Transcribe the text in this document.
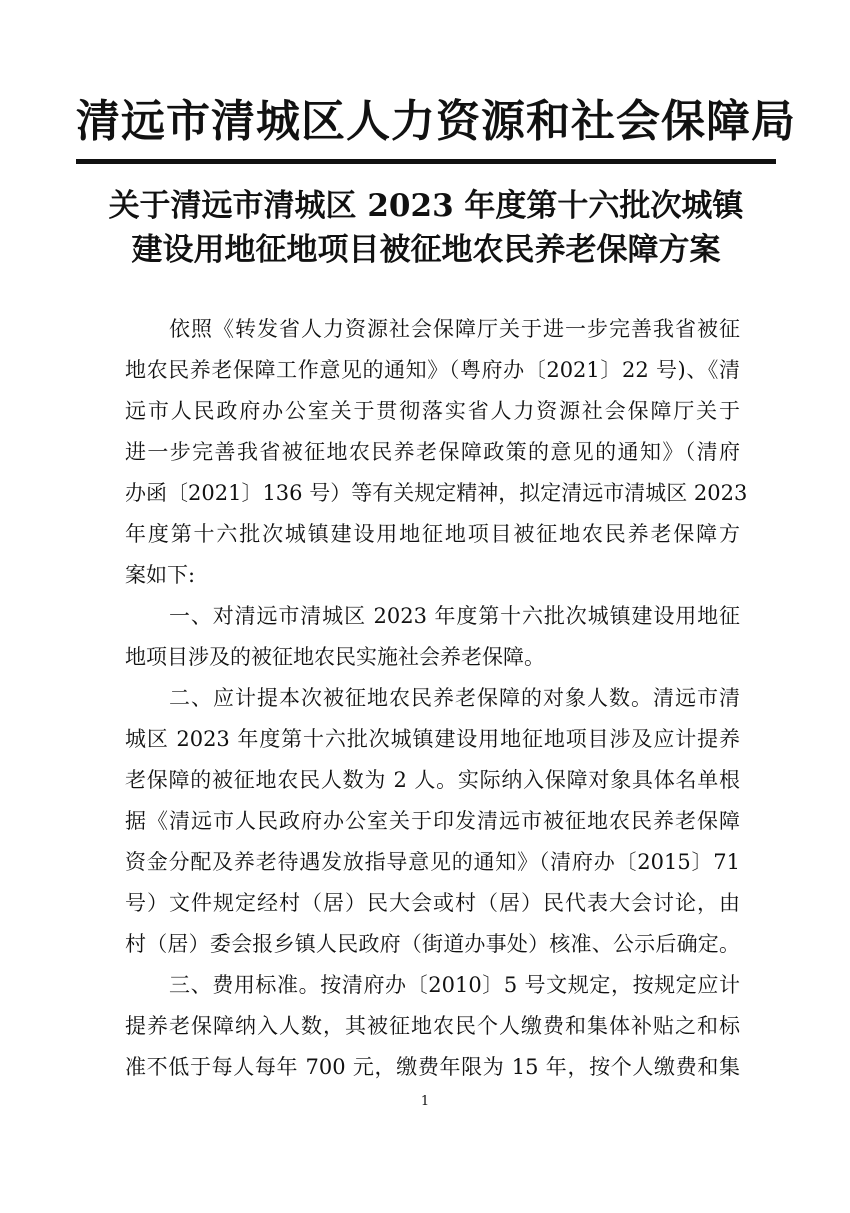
清远市清城区人力资源和社会保障局
关于清远市清城区 2023 年度第十六批次城镇
建设用地征地项目被征地农民养老保障方案
依照《转发省人力资源社会保障厅关于进一步完善我省被征
地农民养老保障工作意见的通知》（粤府办〔2021〕22 号)、《清
远市人民政府办公室关于贯彻落实省人力资源社会保障厅关于
进一步完善我省被征地农民养老保障政策的意见的通知》（清府
办函〔2021〕136 号）等有关规定精神，拟定清远市清城区 2023
年度第十六批次城镇建设用地征地项目被征地农民养老保障方
案如下:
一、对清远市清城区 2023 年度第十六批次城镇建设用地征
地项目涉及的被征地农民实施社会养老保障。
二、应计提本次被征地农民养老保障的对象人数。清远市清
城区 2023 年度第十六批次城镇建设用地征地项目涉及应计提养
老保障的被征地农民人数为 2 人。实际纳入保障对象具体名单根
据《清远市人民政府办公室关于印发清远市被征地农民养老保障
资金分配及养老待遇发放指导意见的通知》（清府办〔2015〕71
号）文件规定经村（居）民大会或村（居）民代表大会讨论，由
村（居）委会报乡镇人民政府（街道办事处）核准、公示后确定。
三、费用标准。按清府办〔2010〕5 号文规定，按规定应计
提养老保障纳入人数，其被征地农民个人缴费和集体补贴之和标
准不低于每人每年 700 元，缴费年限为 15 年，按个人缴费和集
1
